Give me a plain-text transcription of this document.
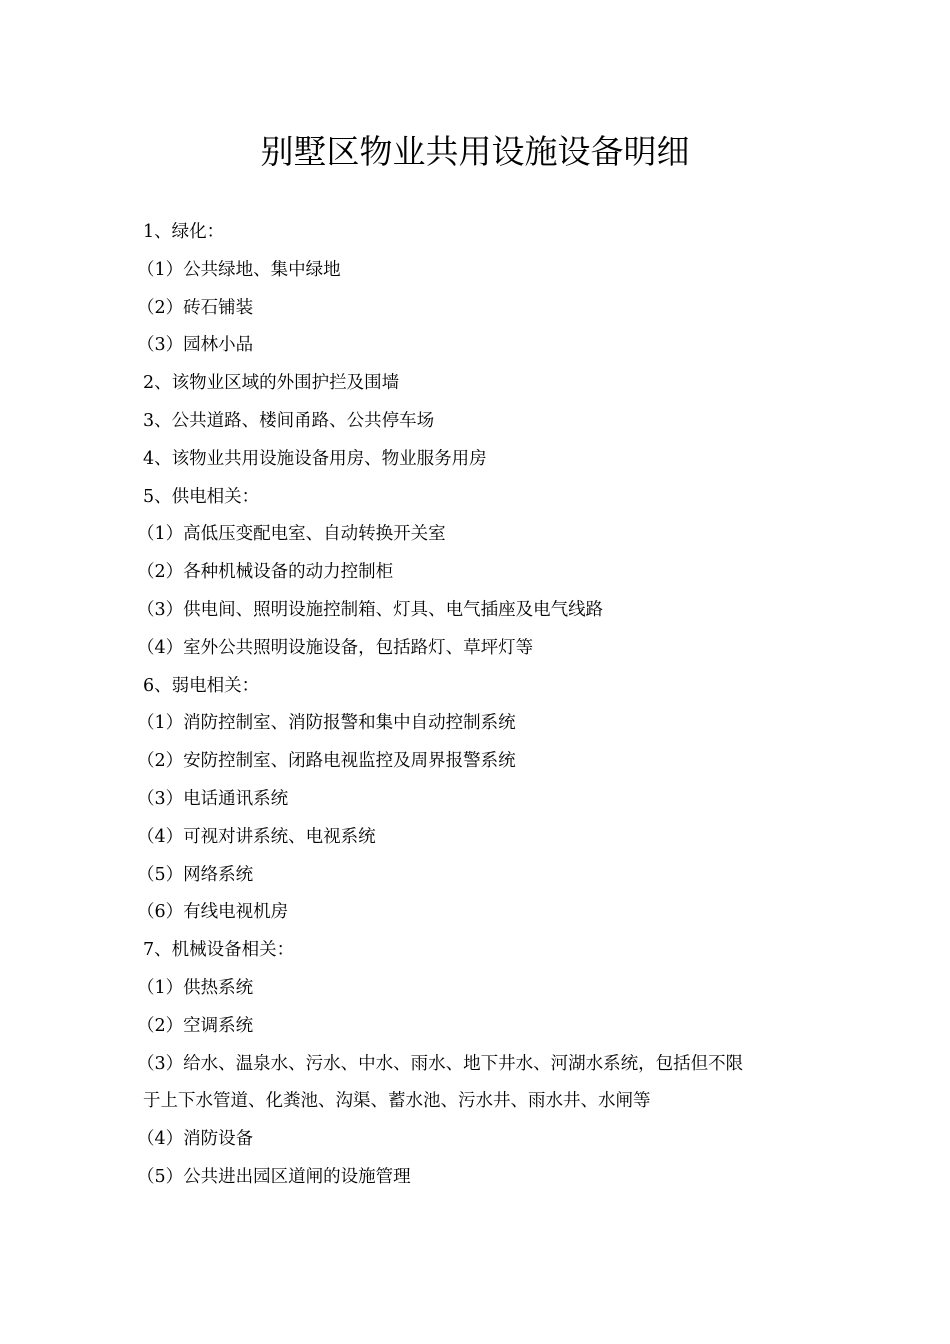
别墅区物业共用设施设备明细

1、绿化：

（1）公共绿地、集中绿地

（2）砖石铺装

（3）园林小品

2、该物业区域的外围护拦及围墙

3、公共道路、楼间甬路、公共停车场

4、该物业共用设施设备用房、物业服务用房

5、供电相关：

（1）高低压变配电室、自动转换开关室

（2）各种机械设备的动力控制柜

（3）供电间、照明设施控制箱、灯具、电气插座及电气线路

（4）室外公共照明设施设备，包括路灯、草坪灯等

6、弱电相关：

（1）消防控制室、消防报警和集中自动控制系统

（2）安防控制室、闭路电视监控及周界报警系统

（3）电话通讯系统

（4）可视对讲系统、电视系统

（5）网络系统

（6）有线电视机房

7、机械设备相关：

（1）供热系统

（2）空调系统

（3）给水、温泉水、污水、中水、雨水、地下井水、河湖水系统，包括但不限

于上下水管道、化粪池、沟渠、蓄水池、污水井、雨水井、水闸等

（4）消防设备

（5）公共进出园区道闸的设施管理
